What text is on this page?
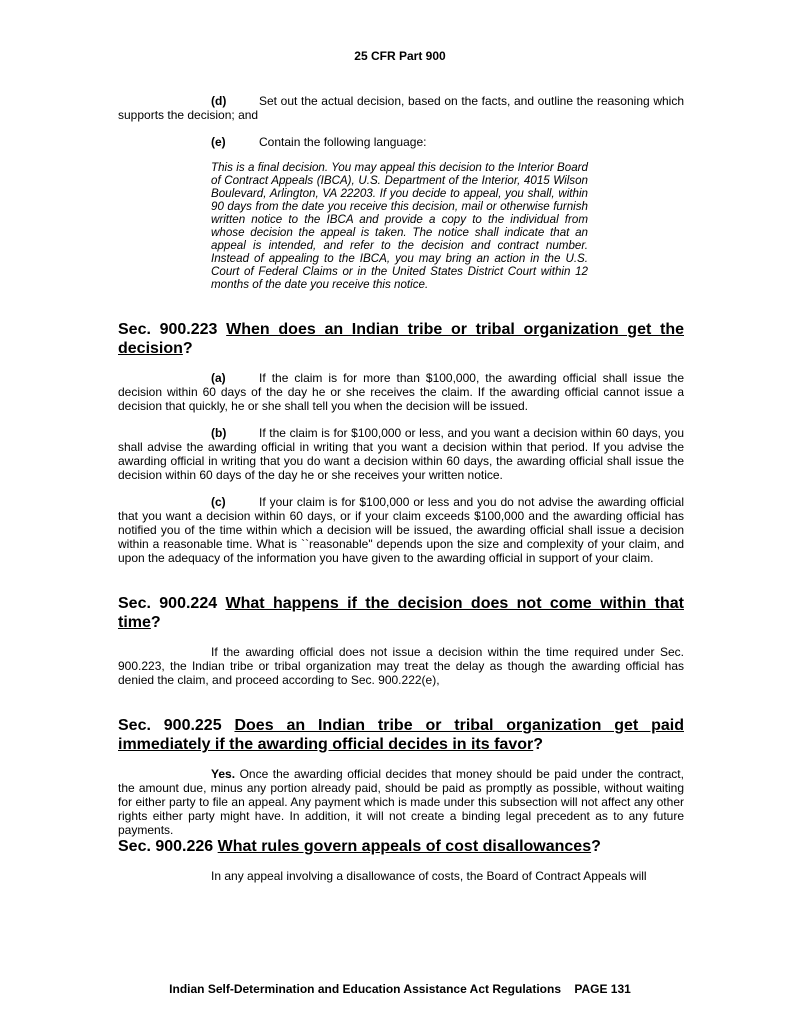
25 CFR Part 900

(d)	Set out the actual decision, based on the facts, and outline the reasoning which supports the decision; and

(e)	Contain the following language:

This is a final decision. You may appeal this decision to the Interior Board of Contract Appeals (IBCA), U.S. Department of the Interior, 4015 Wilson Boulevard, Arlington, VA 22203. If you decide to appeal, you shall, within 90 days from the date you receive this decision, mail or otherwise furnish written notice to the IBCA and provide a copy to the individual from whose decision the appeal is taken. The notice shall indicate that an appeal is intended, and refer to the decision and contract number. Instead of appealing to the IBCA, you may bring an action in the U.S. Court of Federal Claims or in the United States District Court within 12 months of the date you receive this notice.

Sec. 900.223 When does an Indian tribe or tribal organization get the decision?

(a)	If the claim is for more than $100,000, the awarding official shall issue the decision within 60 days of the day he or she receives the claim. If the awarding official cannot issue a decision that quickly, he or she shall tell you when the decision will be issued.

(b)	If the claim is for $100,000 or less, and you want a decision within 60 days, you shall advise the awarding official in writing that you want a decision within that period. If you advise the awarding official in writing that you do want a decision within 60 days, the awarding official shall issue the decision within 60 days of the day he or she receives your written notice.

(c)	If your claim is for $100,000 or less and you do not advise the awarding official that you want a decision within 60 days, or if your claim exceeds $100,000 and the awarding official has notified you of the time within which a decision will be issued, the awarding official shall issue a decision within a reasonable time. What is ``reasonable" depends upon the size and complexity of your claim, and upon the adequacy of the information you have given to the awarding official in support of your claim.

Sec. 900.224 What happens if the decision does not come within that time?

If the awarding official does not issue a decision within the time required under Sec. 900.223, the Indian tribe or tribal organization may treat the delay as though the awarding official has denied the claim, and proceed according to Sec. 900.222(e),

Sec. 900.225 Does an Indian tribe or tribal organization get paid immediately if the awarding official decides in its favor?

Yes. Once the awarding official decides that money should be paid under the contract, the amount due, minus any portion already paid, should be paid as promptly as possible, without waiting for either party to file an appeal. Any payment which is made under this subsection will not affect any other rights either party might have. In addition, it will not create a binding legal precedent as to any future payments.

Sec. 900.226 What rules govern appeals of cost disallowances?

In any appeal involving a disallowance of costs, the Board of Contract Appeals will

Indian Self-Determination and Education Assistance Act Regulations PAGE 131
